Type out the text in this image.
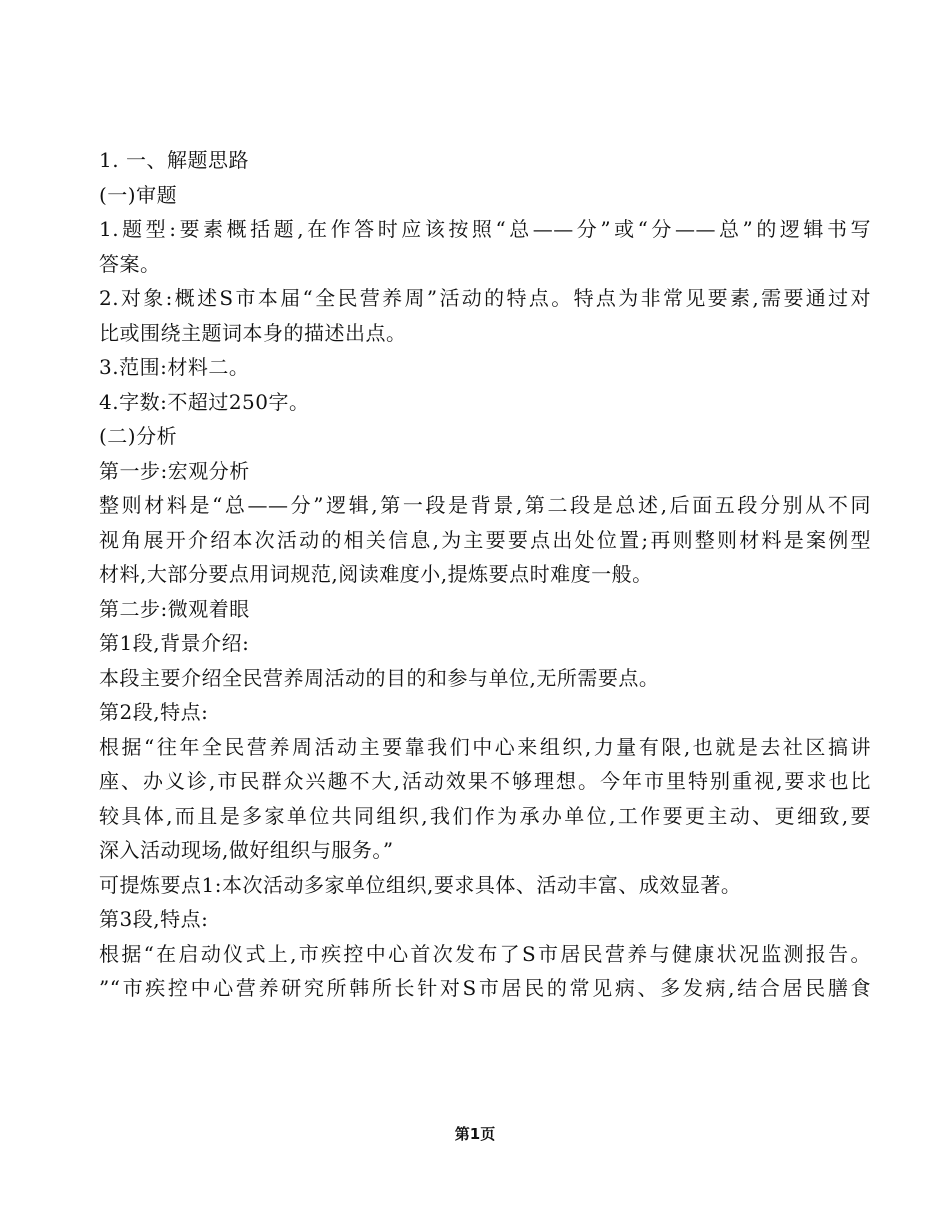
1. 一、解题思路

(一)审题

1.题型:要素概括题,在作答时应该按照“总——分”或“分——总”的逻辑书写

答案。

2.对象:概述S市本届“全民营养周”活动的特点。特点为非常见要素,需要通过对

比或围绕主题词本身的描述出点。

3.范围:材料二。

4.字数:不超过250字。

(二)分析

第一步:宏观分析

整则材料是“总——分”逻辑,第一段是背景,第二段是总述,后面五段分别从不同

视角展开介绍本次活动的相关信息,为主要要点出处位置;再则整则材料是案例型

材料,大部分要点用词规范,阅读难度小,提炼要点时难度一般。

第二步:微观着眼

第1段,背景介绍:

本段主要介绍全民营养周活动的目的和参与单位,无所需要点。

第2段,特点:

根据“往年全民营养周活动主要靠我们中心来组织,力量有限,也就是去社区搞讲

座、办义诊,市民群众兴趣不大,活动效果不够理想。今年市里特别重视,要求也比

较具体,而且是多家单位共同组织,我们作为承办单位,工作要更主动、更细致,要

深入活动现场,做好组织与服务。”

可提炼要点1:本次活动多家单位组织,要求具体、活动丰富、成效显著。

第3段,特点:

根据“在启动仪式上,市疾控中心首次发布了S市居民营养与健康状况监测报告。

”“市疾控中心营养研究所韩所长针对S市居民的常见病、多发病,结合居民膳食

第1页
